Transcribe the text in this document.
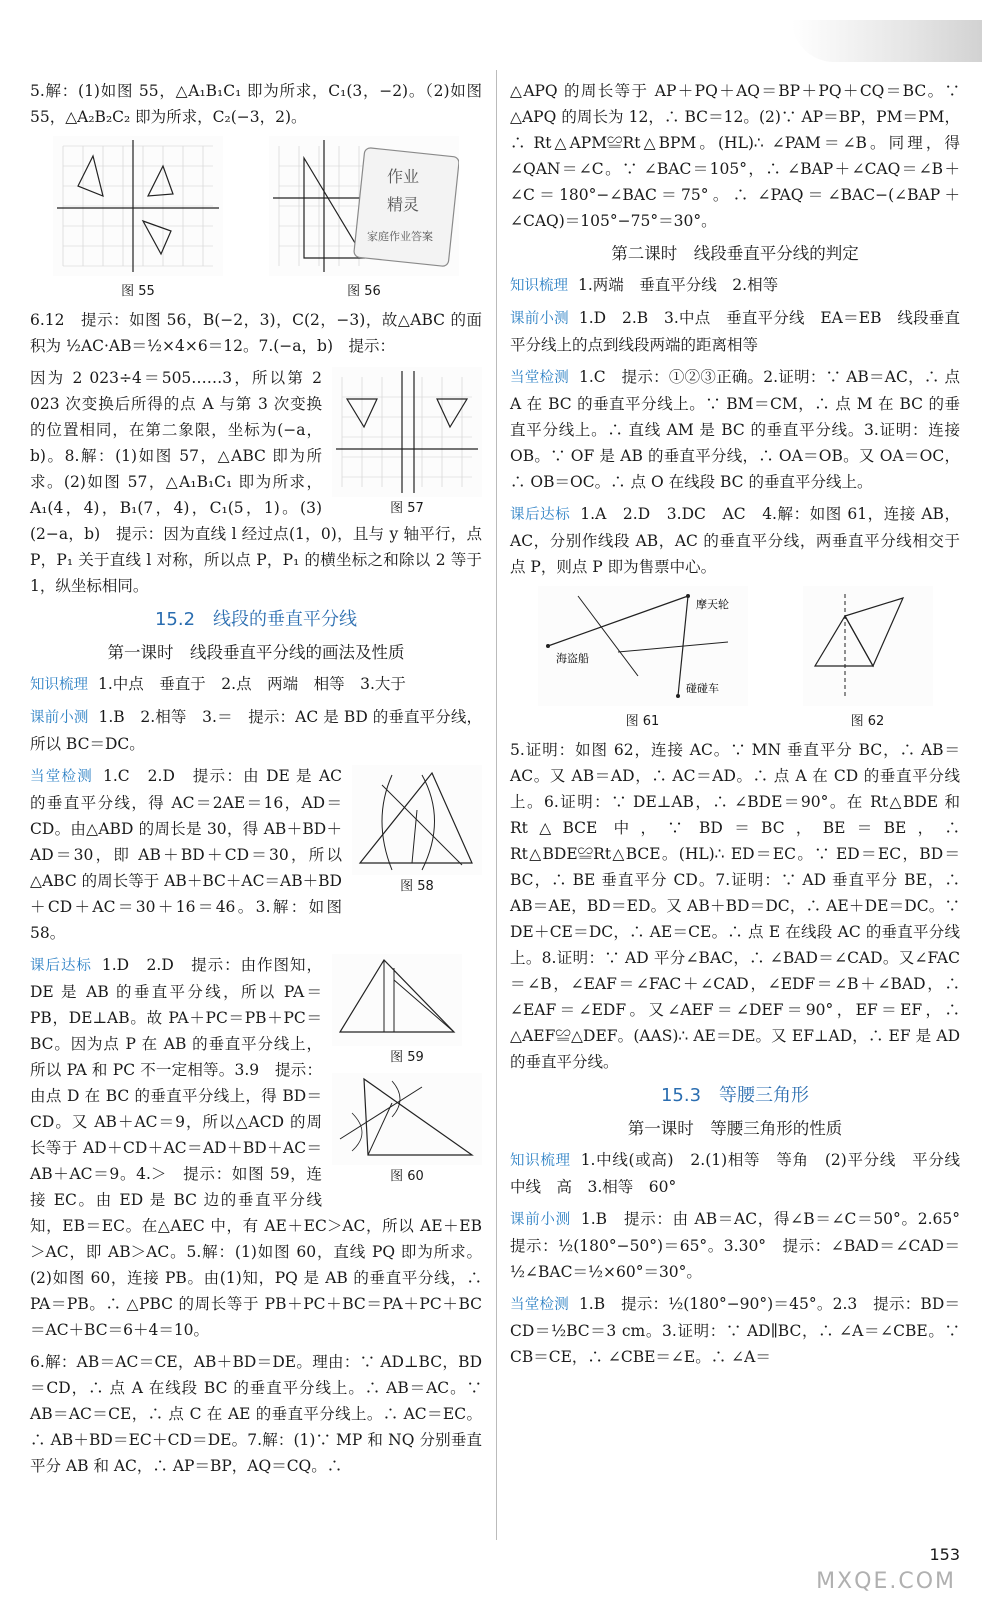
5.解：(1)如图 55，△A₁B₁C₁ 即为所求，C₁(3，−2)。（2)如图 55，△A₂B₂C₂ 即为所求，C₂(−3，2)。

图 55
作业
精灵
家庭作业答案
图 56

6.12　提示：如图 56，B(−2，3)，C(2，−3)，故△ABC 的面积为 ½AC·AB＝½×4×6＝12。7.(−a，b)　提示：

图 57

因为 2 023÷4＝505……3，所以第 2 023 次变换后所得的点 A 与第 3 次变换的位置相同，在第二象限，坐标为(−a，b)。8.解：(1)如图 57，△ABC 即为所求。(2)如图 57，△A₁B₁C₁ 即为所求，A₁(4，4)，B₁(7，4)，C₁(5，1)。(3)(2−a，b)　提示：因为直线 l 经过点(1，0)，且与 y 轴平行，点 P，P₁ 关于直线 l 对称，所以点 P，P₁ 的横坐标之和除以 2 等于 1，纵坐标相同。

15.2　线段的垂直平分线
第一课时　线段垂直平分线的画法及性质

知识梳理 1.中点　垂直于　2.点　两端　相等　3.大于

课前小测 1.B　2.相等　3.＝　提示：AC 是 BD 的垂直平分线，所以 BC＝DC。

图 58

当堂检测 1.C　2.D　提示：由 DE 是 AC 的垂直平分线，得 AC＝2AE＝16，AD＝CD。由△ABD 的周长是 30，得 AB＋BD＋AD＝30，即 AB＋BD＋CD＝30，所以△ABC 的周长等于 AB＋BC＋AC＝AB＋BD＋CD＋AC＝30＋16＝46。3.解：如图 58。

图 59
图 60

课后达标 1.D　2.D　提示：由作图知，DE 是 AB 的垂直平分线，所以 PA＝PB，DE⊥AB。故 PA＋PC＝PB＋PC＝BC。因为点 P 在 AB 的垂直平分线上，所以 PA 和 PC 不一定相等。3.9　提示：由点 D 在 BC 的垂直平分线上，得 BD＝CD。又 AB＋AC＝9，所以△ACD 的周长等于 AD＋CD＋AC＝AD＋BD＋AC＝AB＋AC＝9。4.＞　提示：如图 59，连接 EC。由 ED 是 BC 边的垂直平分线知，EB＝EC。在△AEC 中，有 AE＋EC＞AC，所以 AE＋EB＞AC，即 AB＞AC。5.解：(1)如图 60，直线 PQ 即为所求。(2)如图 60，连接 PB。由(1)知，PQ 是 AB 的垂直平分线，∴ PA＝PB。∴ △PBC 的周长等于 PB＋PC＋BC＝PA＋PC＋BC＝AC＋BC＝6＋4＝10。

6.解：AB＝AC＝CE，AB＋BD＝DE。理由：∵ AD⊥BC，BD＝CD，∴ 点 A 在线段 BC 的垂直平分线上。∴ AB＝AC。∵ AB＝AC＝CE，∴ 点 C 在 AE 的垂直平分线上。∴ AC＝EC。∴ AB＋BD＝EC＋CD＝DE。7.解：(1)∵ MP 和 NQ 分别垂直平分 AB 和 AC，∴ AP＝BP，AQ＝CQ。∴

△APQ 的周长等于 AP＋PQ＋AQ＝BP＋PQ＋CQ＝BC。∵ △APQ 的周长为 12，∴ BC＝12。(2)∵ AP＝BP，PM＝PM，∴ Rt△APM≌Rt△BPM。(HL)∴ ∠PAM＝∠B。同理，得∠QAN＝∠C。∵ ∠BAC＝105°，∴ ∠BAP＋∠CAQ＝∠B＋∠C＝180°−∠BAC＝75°。∴ ∠PAQ＝∠BAC−(∠BAP＋∠CAQ)＝105°−75°＝30°。

第二课时　线段垂直平分线的判定

知识梳理 1.两端　垂直平分线　2.相等

课前小测 1.D　2.B　3.中点　垂直平分线　EA＝EB　线段垂直平分线上的点到线段两端的距离相等

当堂检测 1.C　提示：①②③正确。2.证明：∵ AB＝AC，∴ 点 A 在 BC 的垂直平分线上。∵ BM＝CM，∴ 点 M 在 BC 的垂直平分线上。∴ 直线 AM 是 BC 的垂直平分线。3.证明：连接 OB。∵ OF 是 AB 的垂直平分线，∴ OA＝OB。又 OA＝OC，∴ OB＝OC。∴ 点 O 在线段 BC 的垂直平分线上。

课后达标 1.A　2.D　3.DC　AC　4.解：如图 61，连接 AB，AC，分别作线段 AB，AC 的垂直平分线，两垂直平分线相交于点 P，则点 P 即为售票中心。

摩天轮
海盗船
碰碰车
图 61	图 62

5.证明：如图 62，连接 AC。∵ MN 垂直平分 BC，∴ AB＝AC。又 AB＝AD，∴ AC＝AD。∴ 点 A 在 CD 的垂直平分线上。6.证明：∵ DE⊥AB，∴ ∠BDE＝90°。在 Rt△BDE 和 Rt△BCE 中，∵ BD＝BC，BE＝BE，∴ Rt△BDE≌Rt△BCE。(HL)∴ ED＝EC。∵ ED＝EC，BD＝BC，∴ BE 垂直平分 CD。7.证明：∵ AD 垂直平分 BE，∴ AB＝AE，BD＝ED。又 AB＋BD＝DC，∴ AE＋DE＝DC。∵ DE＋CE＝DC，∴ AE＝CE。∴ 点 E 在线段 AC 的垂直平分线上。8.证明：∵ AD 平分∠BAC，∴ ∠BAD＝∠CAD。又∠FAC＝∠B，∠EAF＝∠FAC＋∠CAD，∠EDF＝∠B＋∠BAD，∴ ∠EAF＝∠EDF。又∠AEF＝∠DEF＝90°，EF＝EF，∴ △AEF≌△DEF。(AAS)∴ AE＝DE。又 EF⊥AD，∴ EF 是 AD 的垂直平分线。

15.3　等腰三角形
第一课时　等腰三角形的性质

知识梳理 1.中线(或高)　2.(1)相等　等角　(2)平分线　平分线　中线　高　3.相等　60°

课前小测 1.B　提示：由 AB＝AC，得∠B＝∠C＝50°。2.65°　提示：½(180°−50°)＝65°。3.30°　提示：∠BAD＝∠CAD＝½∠BAC＝½×60°＝30°。

当堂检测 1.B　提示：½(180°−90°)＝45°。2.3　提示：BD＝CD＝½BC＝3 cm。3.证明：∵ AD∥BC，∴ ∠A＝∠CBE。∵ CB＝CE，∴ ∠CBE＝∠E。∴ ∠A＝

153
MXQE.COM
